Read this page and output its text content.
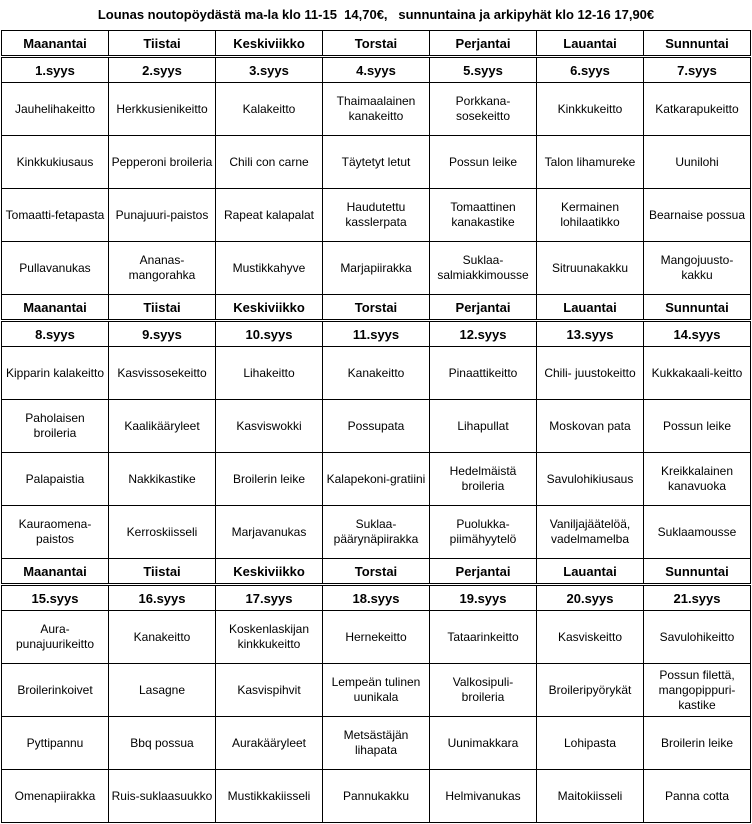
Lounas noutopöydästä ma-la klo 11-15  14,70€,   sunnuntaina ja arkipyhät klo 12-16 17,90€
Maanantai	Tiistai	Keskiviikko	Torstai	Perjantai	Lauantai	Sunnuntai

1.syys	2.syys	3.syys	4.syys	5.syys	6.syys	7.syys
Jauhelihakeitto	Herkkusienikeitto	Kalakeitto	Thaimaalainen kanakeitto	Porkkana-sosekeitto	Kinkkukeitto	Katkarapukeitto
Kinkkukiusaus	Pepperoni broileria	Chili con carne	Täytetyt letut	Possun leike	Talon lihamureke	Uunilohi
Tomaatti-fetapasta	Punajuuri-paistos	Rapeat kalapalat	Haudutettu kasslerpata	Tomaattinen kanakastike	Kermainen lohilaatikko	Bearnaise possua
Pullavanukas	Ananas-mangorahka	Mustikkahyve	Marjapiirakka	Suklaa-salmiakkimousse	Sitruunakakku	Mangojuusto-kakku
Maanantai	Tiistai	Keskiviikko	Torstai	Perjantai	Lauantai	Sunnuntai

8.syys	9.syys	10.syys	11.syys	12.syys	13.syys	14.syys
Kipparin kalakeitto	Kasvissosekeitto	Lihakeitto	Kanakeitto	Pinaattikeitto	Chili- juustokeitto	Kukkakaali-keitto
Paholaisen broileria	Kaalikääryleet	Kasviswokki	Possupata	Lihapullat	Moskovan pata	Possun leike
Palapaistia	Nakkikastike	Broilerin leike	Kalapekoni-gratiini	Hedelmäistä broileria	Savulohikiusaus	Kreikkalainen kanavuoka
Kauraomena-paistos	Kerroskiisseli	Marjavanukas	Suklaa-päärynäpiirakka	Puolukka-piimähyytelö	Vaniljajäätelöä, vadelmamelba	Suklaamousse
Maanantai	Tiistai	Keskiviikko	Torstai	Perjantai	Lauantai	Sunnuntai

15.syys	16.syys	17.syys	18.syys	19.syys	20.syys	21.syys
Aura-punajuurikeitto	Kanakeitto	Koskenlaskijan kinkkukeitto	Hernekeitto	Tataarinkeitto	Kasviskeitto	Savulohikeitto
Broilerinkoivet	Lasagne	Kasvispihvit	Lempeän tulinen uunikala	Valkosipuli-broileria	Broileripyörykät	Possun filettä, mangopippuri-kastike
Pyttipannu	Bbq possua	Aurakääryleet	Metsästäjän lihapata	Uunimakkara	Lohipasta	Broilerin leike
Omenapiirakka	Ruis-suklaasuukko	Mustikkakiisseli	Pannukakku	Helmivanukas	Maitokiisseli	Panna cotta
